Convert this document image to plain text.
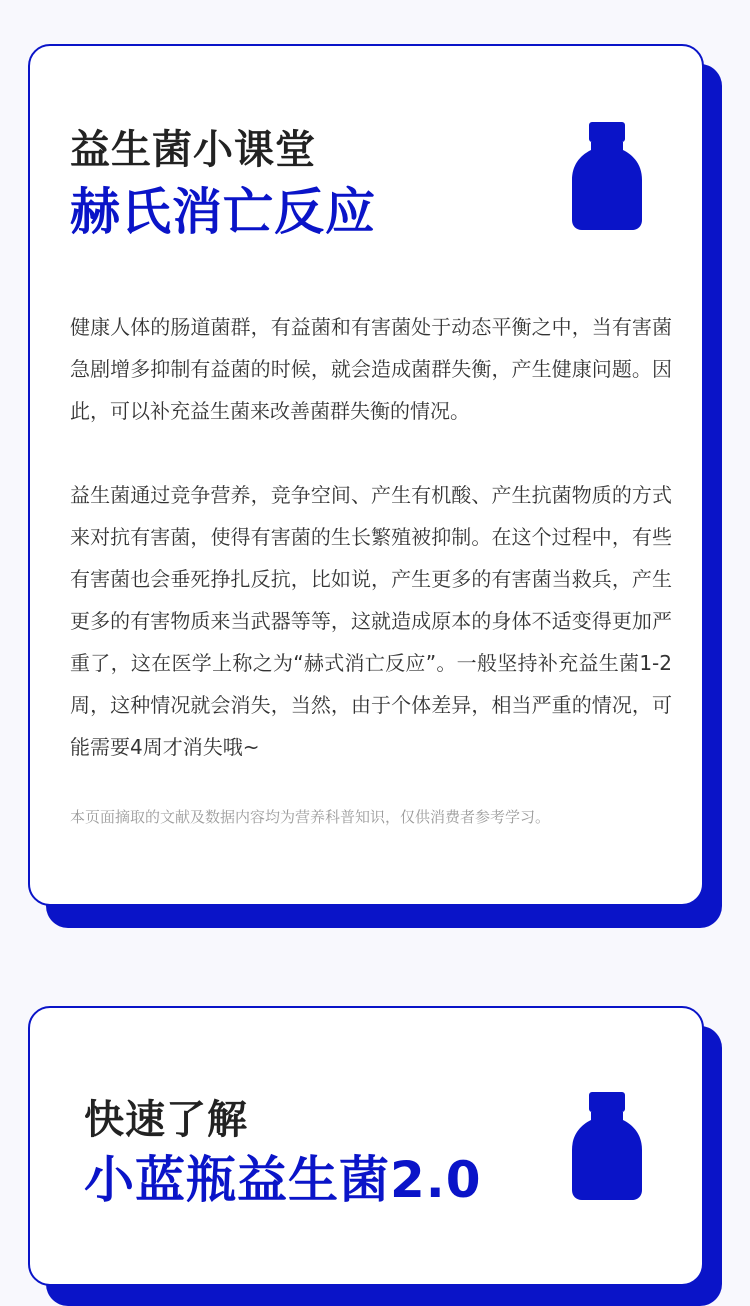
益生菌小课堂
赫氏消亡反应

健康人体的肠道菌群，有益菌和有害菌处于动态平衡之中，当有害菌急剧增多抑制有益菌的时候，就会造成菌群失衡，产生健康问题。因此，可以补充益生菌来改善菌群失衡的情况。

益生菌通过竞争营养，竞争空间、产生有机酸、产生抗菌物质的方式来对抗有害菌，使得有害菌的生长繁殖被抑制。在这个过程中，有些有害菌也会垂死挣扎反抗，比如说，产生更多的有害菌当救兵，产生更多的有害物质来当武器等等，这就造成原本的身体不适变得更加严重了，这在医学上称之为“赫式消亡反应”。一般坚持补充益生菌1-2周，这种情况就会消失，当然，由于个体差异，相当严重的情况，可能需要4周才消失哦~

本页面摘取的文献及数据内容均为营养科普知识，仅供消费者参考学习。

快速了解
小蓝瓶益生菌2.0
